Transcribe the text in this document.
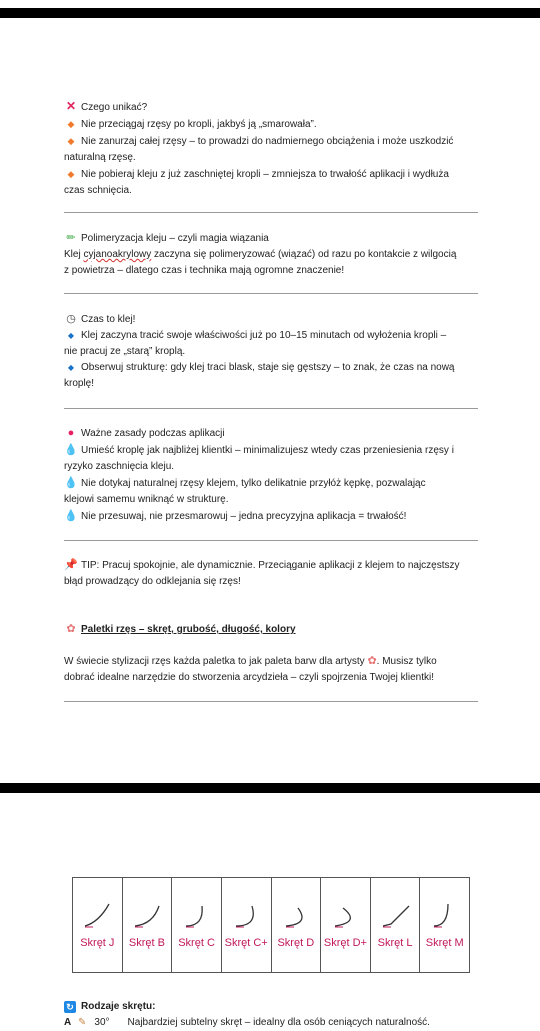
✕ Czego unikać?
◆ Nie przeciągaj rzęsy po kropli, jakbyś ją „smarowała”.
◆ Nie zanurzaj całej rzęsy – to prowadzi do nadmiernego obciążenia i może uszkodzić
naturalną rzęsę.
◆ Nie pobieraj kleju z już zaschniętej kropli – zmniejsza to trwałość aplikacji i wydłuża
czas schnięcia.
✏ Polimeryzacja kleju – czyli magia wiązania
Klej cyjanoakrylowy zaczyna się polimeryzować (wiązać) od razu po kontakcie z wilgocią
z powietrza – dlatego czas i technika mają ogromne znaczenie!
◷ Czas to klej!
◆ Klej zaczyna tracić swoje właściwości już po 10–15 minutach od wyłożenia kropli –
nie pracuj ze „starą” kroplą.
◆ Obserwuj strukturę: gdy klej traci blask, staje się gęstszy – to znak, że czas na nową
kroplę!
● Ważne zasady podczas aplikacji
💧 Umieść kroplę jak najbliżej klientki – minimalizujesz wtedy czas przeniesienia rzęsy i
ryzyko zaschnięcia kleju.
💧 Nie dotykaj naturalnej rzęsy klejem, tylko delikatnie przyłóż kępkę, pozwalając
klejowi samemu wniknąć w strukturę.
💧 Nie przesuwaj, nie przesmarowuj – jedna precyzyjna aplikacja = trwałość!
📌 TIP: Pracuj spokojnie, ale dynamicznie. Przeciąganie aplikacji z klejem to najczęstszy
błąd prowadzący do odklejania się rzęs!
✿ Paletki rzęs – skręt, grubość, długość, kolory
W świecie stylizacji rzęs każda paletka to jak paleta barw dla artysty ✿. Musisz tylko
dobrać idealne narzędzie do stworzenia arcydzieła – czyli spojrzenia Twojej klientki!
Skręt J	Skręt B	Skręt C Skręt C+ Skręt D Skręt D+ Skręt L	Skręt M
↻ Rodzaje skrętu:
A ✎ 30° Najbardziej subtelny skręt – idealny dla osób ceniących naturalność.
